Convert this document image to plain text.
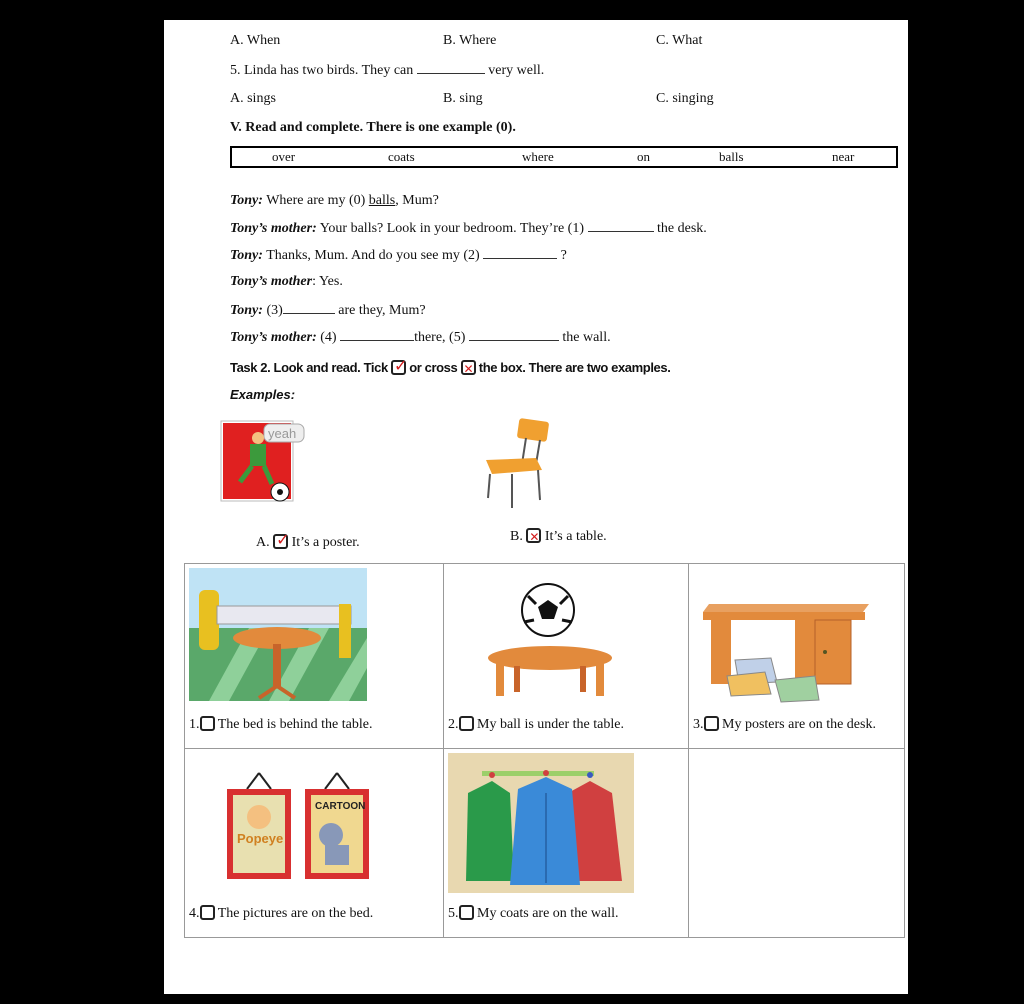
A. When	B. Where	C. What
5. Linda has two birds. They can	very well.
A. sings	B. sing	C. singing
V. Read and complete. There is one example (0).
over	coats	where	on	balls	near
Tony: Where are my (0) balls, Mum?
Tony’s mother: Your balls? Look in your bedroom. They’re (1)	the desk.
Tony: Thanks, Mum. And do you see my (2)	?
Tony’s mother: Yes.
Tony: (3)	are they, Mum?
Tony’s mother: (4)	there, (5)	the wall.
Task 2. Look and read. Tick ✓ or cross ✕ the box. There are two examples.
Examples:
yeah
A. ✓ It’s a poster.	B. ✕ It’s a table.
1. The bed is behind the table.	2. My ball is under the table.	3. My posters are on the desk.
Popeye
CARTOON
4. The pictures are on the bed.	5. My coats are on the wall.
